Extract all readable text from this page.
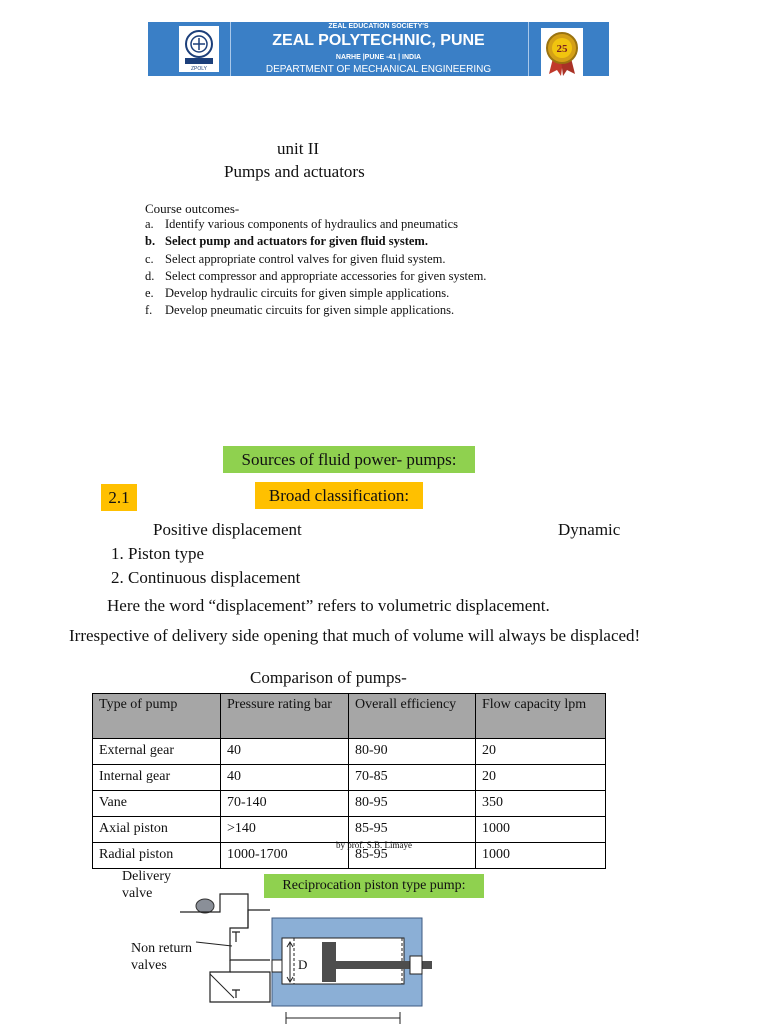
ZPOLY
ZEAL EDUCATION SOCIETY'S
ZEAL POLYTECHNIC, PUNE
NARHE |PUNE -41 | INDIA
DEPARTMENT OF MECHANICAL ENGINEERING
25
unit II
Pumps and actuators
Course outcomes-
a. Identify various components of hydraulics and pneumatics
b. Select pump and actuators for given fluid system.
c. Select appropriate control valves for given fluid system.
d. Select compressor and appropriate accessories for given system.
e. Develop hydraulic circuits for given simple applications.
f. Develop pneumatic circuits for given simple applications.
Sources of fluid power- pumps:
2.1	Broad classification:
Positive displacement	Dynamic
1. Piston type
2. Continuous displacement
Here the word “displacement” refers to volumetric displacement.
Irrespective of delivery side opening that much of volume will always be displaced!
Comparison of pumps-
Type of pump	Pressure rating bar	Overall efficiency	Flow capacity lpm
External gear	40	80-90	20
Internal gear	40	70-85	20
Vane	70-140	80-95	350
Axial piston	>140	85-95	1000
Radial piston	1000-1700	85-95	1000
by prof. S.B. Limaye
Reciprocation piston type pump:
Delivery valve
Non return valves	D
